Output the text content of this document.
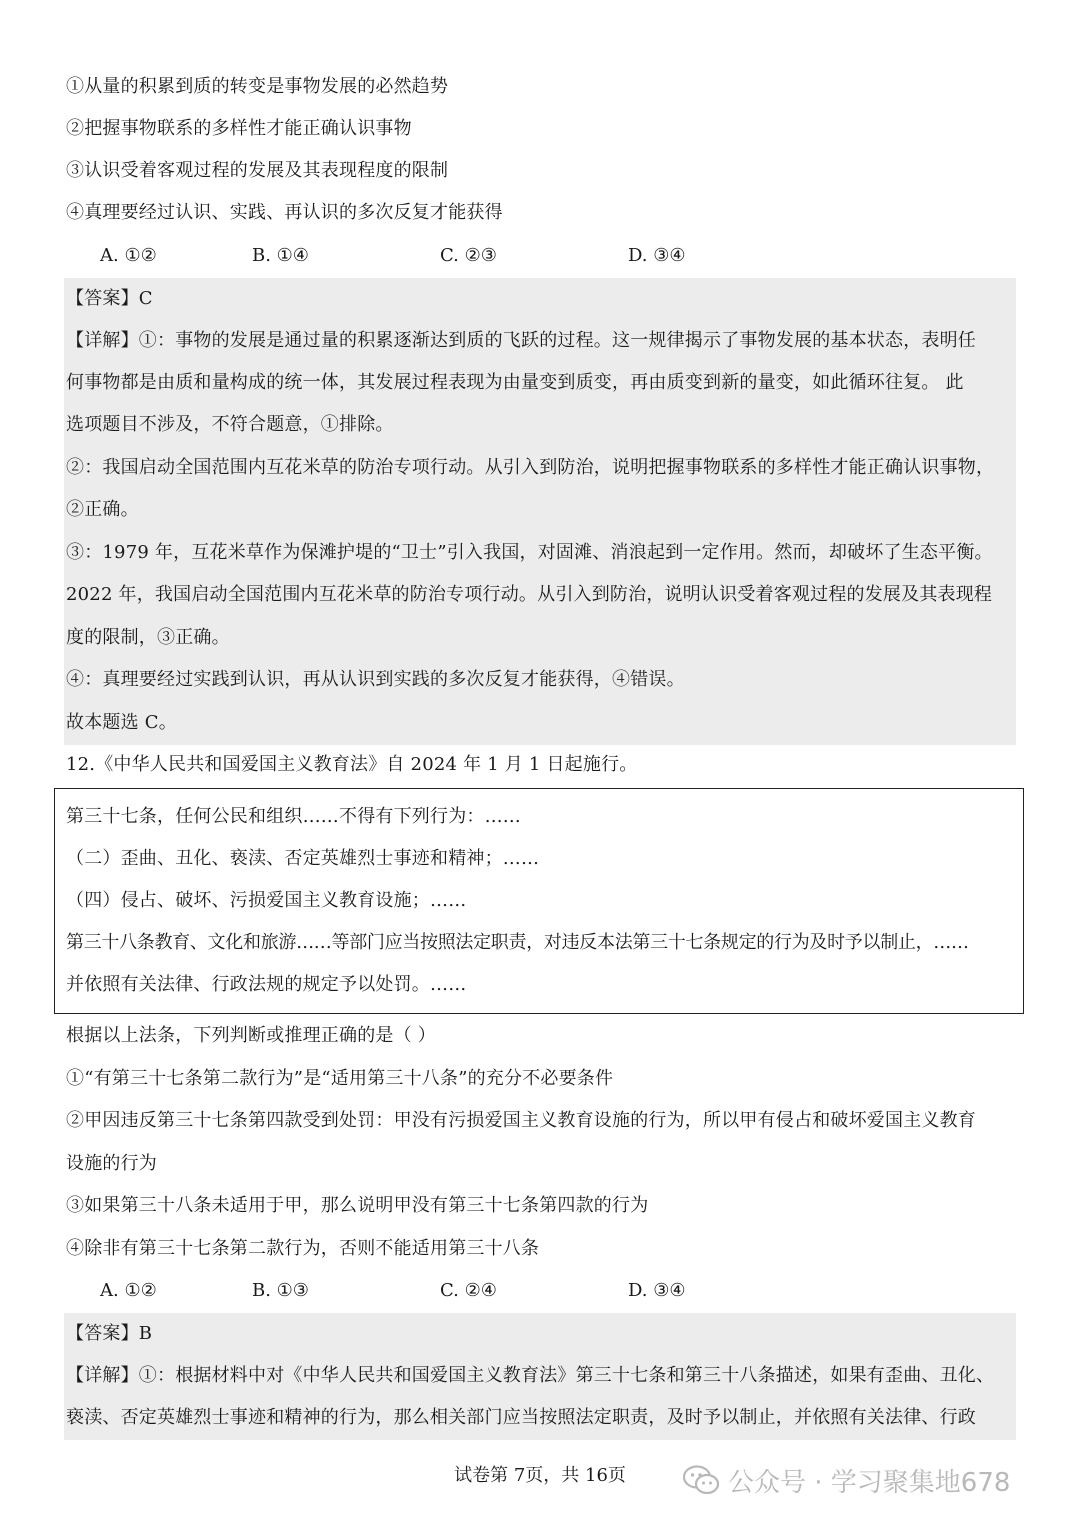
①从量的积累到质的转变是事物发展的必然趋势
②把握事物联系的多样性才能正确认识事物
③认识受着客观过程的发展及其表现程度的限制
④真理要经过认识、实践、再认识的多次反复才能获得
A. ①②	B. ①④	C. ②③	D. ③④
【答案】C
【详解】①：事物的发展是通过量的积累逐渐达到质的飞跃的过程。这一规律揭示了事物发展的基本状态，表明任
何事物都是由质和量构成的统一体，其发展过程表现为由量变到质变，再由质变到新的量变，如此循环往复。 此
选项题目不涉及，不符合题意，①排除。
②：我国启动全国范围内互花米草的防治专项行动。从引入到防治，说明把握事物联系的多样性才能正确认识事物，
②正确。
③：1979 年，互花米草作为保滩护堤的“卫士”引入我国，对固滩、消浪起到一定作用。然而，却破坏了生态平衡。
2022 年，我国启动全国范围内互花米草的防治专项行动。从引入到防治，说明认识受着客观过程的发展及其表现程
度的限制，③正确。
④：真理要经过实践到认识，再从认识到实践的多次反复才能获得，④错误。
故本题选 C。
12.《中华人民共和国爱国主义教育法》自 2024 年 1 月 1 日起施行。
第三十七条，任何公民和组织……不得有下列行为：……
（二）歪曲、丑化、亵渎、否定英雄烈士事迹和精神；……
（四）侵占、破坏、污损爱国主义教育设施；……
第三十八条教育、文化和旅游……等部门应当按照法定职责，对违反本法第三十七条规定的行为及时予以制止，……
并依照有关法律、行政法规的规定予以处罚。……
根据以上法条，下列判断或推理正确的是（ ）
①“有第三十七条第二款行为”是“适用第三十八条”的充分不必要条件
②甲因违反第三十七条第四款受到处罚：甲没有污损爱国主义教育设施的行为，所以甲有侵占和破坏爱国主义教育
设施的行为
③如果第三十八条未适用于甲，那么说明甲没有第三十七条第四款的行为
④除非有第三十七条第二款行为，否则不能适用第三十八条
A. ①②	B. ①③	C. ②④	D. ③④
【答案】B
【详解】①：根据材料中对《中华人民共和国爱国主义教育法》第三十七条和第三十八条描述，如果有歪曲、丑化、
亵渎、否定英雄烈士事迹和精神的行为，那么相关部门应当按照法定职责，及时予以制止，并依照有关法律、行政
试卷第 7页，共 16页	公众号 · 学习聚集地678
